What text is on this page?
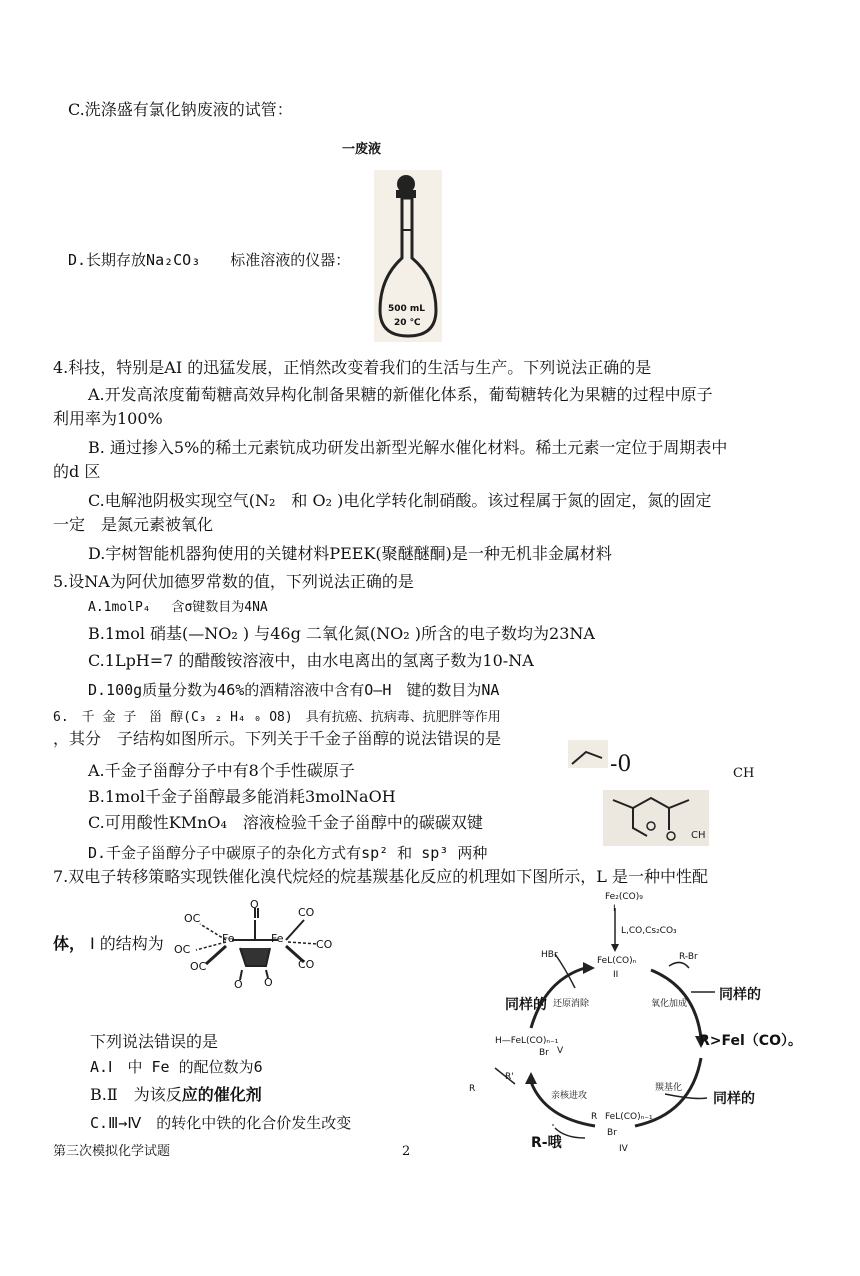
C.洗涤盛有氯化钠废液的试管：
一废液
D.长期存放Na₂CO₃　　标准溶液的仪器：
500 mL
20 ℃
4.科技，特别是AI 的迅猛发展，正悄然改变着我们的生活与生产。下列说法正确的是
A.开发高浓度葡萄糖高效异构化制备果糖的新催化体系，葡萄糖转化为果糖的过程中原子
利用率为100%
B. 通过掺入5%的稀土元素钪成功研发出新型光解水催化材料。稀土元素一定位于周期表中
的d 区
C.电解池阴极实现空气(N₂　和 O₂ )电化学转化制硝酸。该过程属于氮的固定，氮的固定
一定　是氮元素被氧化
D.宇树智能机器狗使用的关键材料PEEK(聚醚醚酮)是一种无机非金属材料
5.设NA为阿伏加德罗常数的值，下列说法正确的是
A.1molP₄　 含σ键数目为4NA
B.1mol 硝基(—NO₂ ) 与46g 二氧化氮(NO₂ )所含的电子数均为23NA
C.1LpH=7 的醋酸铵溶液中，由水电离出的氢离子数为10-NA
D.100g质量分数为46%的酒精溶液中含有O—H　键的数目为NA
6.　千 金 子　甾 醇(C₃ ₂ H₄ ₀ O8)　具有抗癌、抗病毒、抗肥胖等作用
，其分　子结构如图所示。下列关于千金子甾醇的说法错误的是
A.千金子甾醇分子中有8个手性碳原子
B.1mol千金子甾醇最多能消耗3molNaOH
C.可用酸性KMnO₄　溶液检验千金子甾醇中的碳碳双键
D.千金子甾醇分子中碳原子的杂化方式有sp² 和 sp³ 两种
-0	CH
CH
7.双电子转移策略实现铁催化溴代烷烃的烷基羰基化反应的机理如下图所示，L 是一种中性配
体， I 的结构为
OC
OC
OC
Fe	Fe
O
CO
CO
CO
O O
下列说法错误的是
A.Ⅰ　中 Fe 的配位数为6
B.Ⅱ　为该反应的催化剂
C.Ⅲ→Ⅳ　的转化中铁的化合价发生改变
Fe₂(CO)₉
I
L,CO,Cs₂CO₃
FeL(CO)ₙ
II
HBr	R-Br
同样的 还原消除	氧化加成
同样的
R>Fel（CO）。
H—FeL(CO)ₙ₋₁
Br V
羰基化
同样的
亲核进攻
R
R'
R FeL(CO)ₙ₋₁
Br
IV
R-哦
第三次模拟化学试题	2
